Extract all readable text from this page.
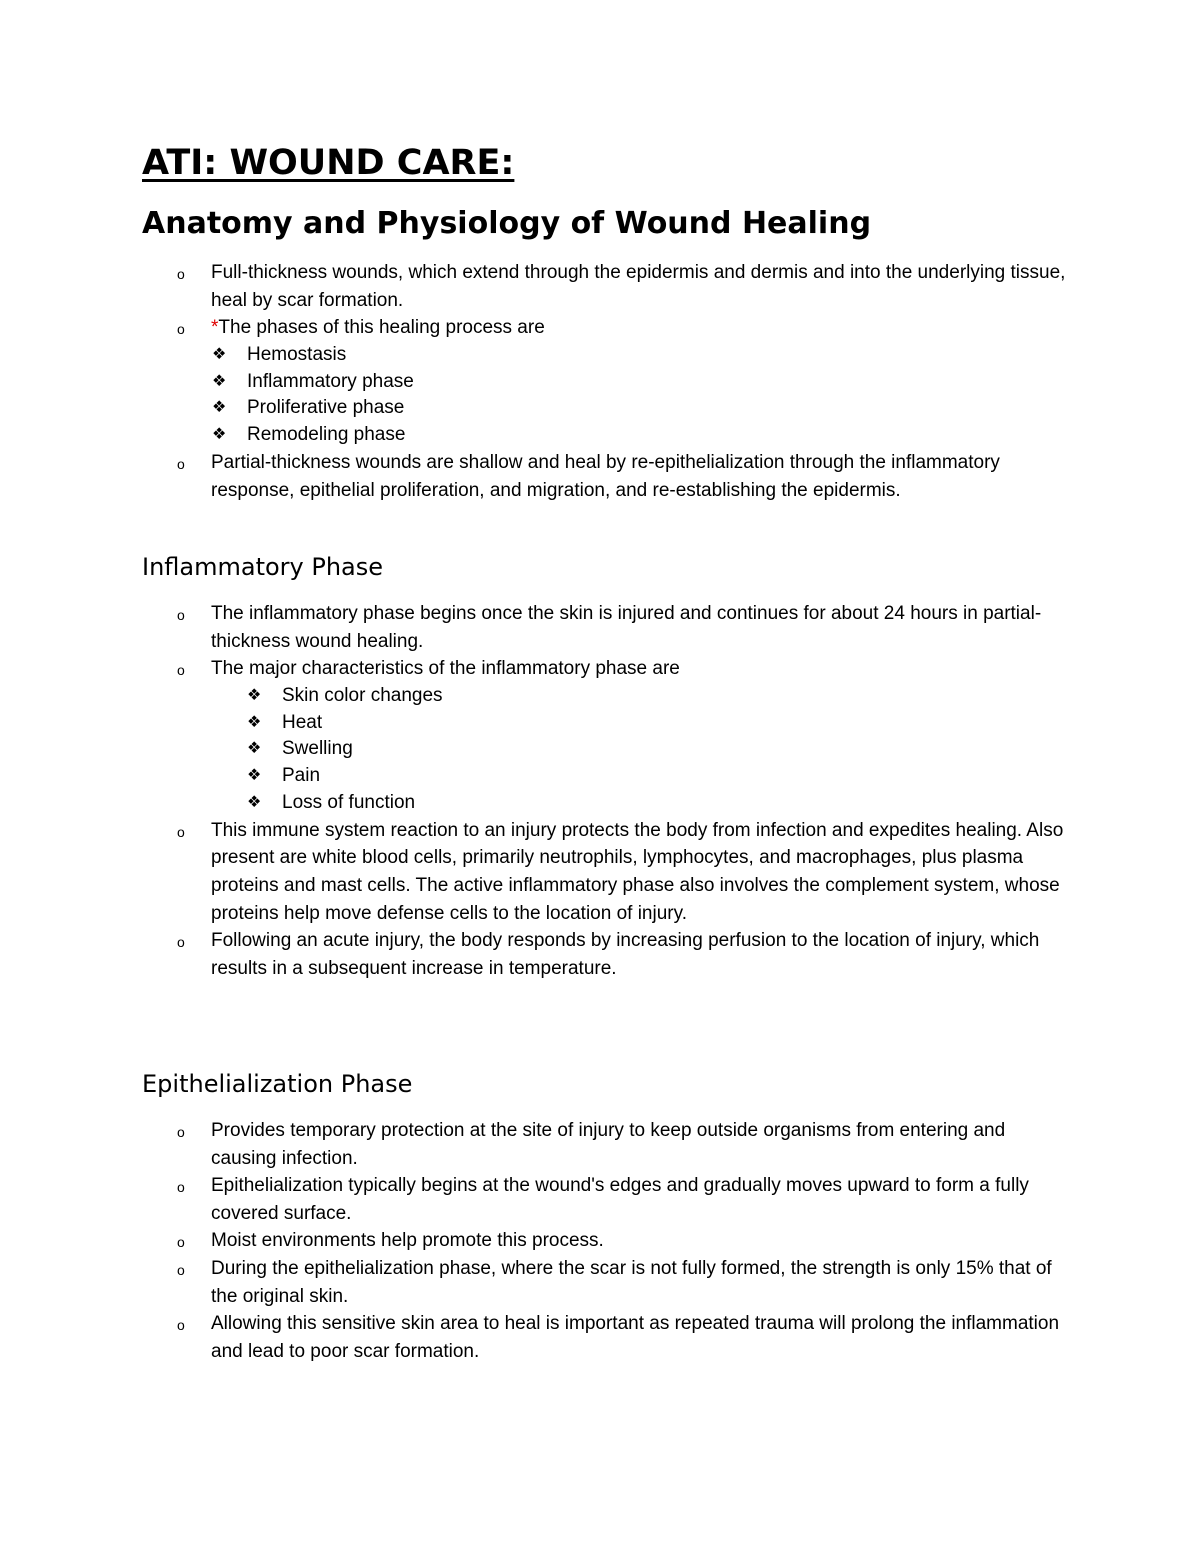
ATI: WOUND CARE:
Anatomy and Physiology of Wound Healing
o Full-thickness wounds, which extend through the epidermis and dermis and into the underlying tissue, heal by scar formation.
o *The phases of this healing process are
❖ Hemostasis
❖ Inflammatory phase
❖ Proliferative phase
❖ Remodeling phase
o Partial-thickness wounds are shallow and heal by re-epithelialization through the inflammatory response, epithelial proliferation, and migration, and re-establishing the epidermis.
Inflammatory Phase
o The inflammatory phase begins once the skin is injured and continues for about 24 hours in partial-thickness wound healing.
o The major characteristics of the inflammatory phase are
❖ Skin color changes
❖ Heat
❖ Swelling
❖ Pain
❖ Loss of function
o This immune system reaction to an injury protects the body from infection and expedites healing. Also present are white blood cells, primarily neutrophils, lymphocytes, and macrophages, plus plasma proteins and mast cells. The active inflammatory phase also involves the complement system, whose proteins help move defense cells to the location of injury.
o Following an acute injury, the body responds by increasing perfusion to the location of injury, which results in a subsequent increase in temperature.
Epithelialization Phase
o Provides temporary protection at the site of injury to keep outside organisms from entering and causing infection.
o Epithelialization typically begins at the wound's edges and gradually moves upward to form a fully covered surface.
o Moist environments help promote this process.
o During the epithelialization phase, where the scar is not fully formed, the strength is only 15% that of the original skin.
o Allowing this sensitive skin area to heal is important as repeated trauma will prolong the inflammation and lead to poor scar formation.
